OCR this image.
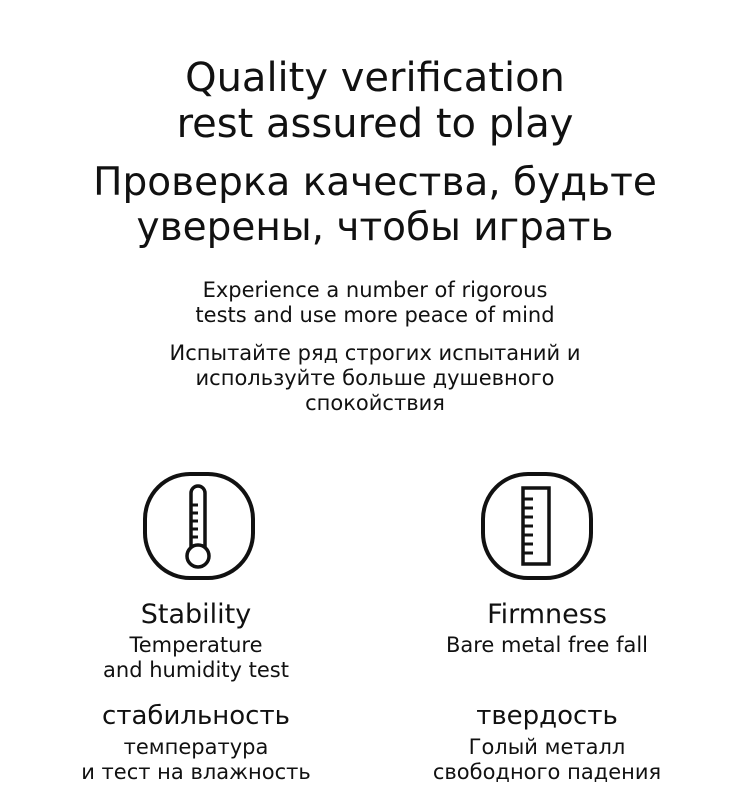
Quality verification
rest assured to play
Проверка качества, будьте
уверены, чтобы играть
Experience a number of rigorous
tests and use more peace of mind
Испытайте ряд строгих испытаний и
используйте больше душевного
спокойствия
Stability
Temperature
and humidity test
стабильность
температура
и тест на влажность
Firmness
Bare metal free fall
твердость
Голый металл
свободного падения
